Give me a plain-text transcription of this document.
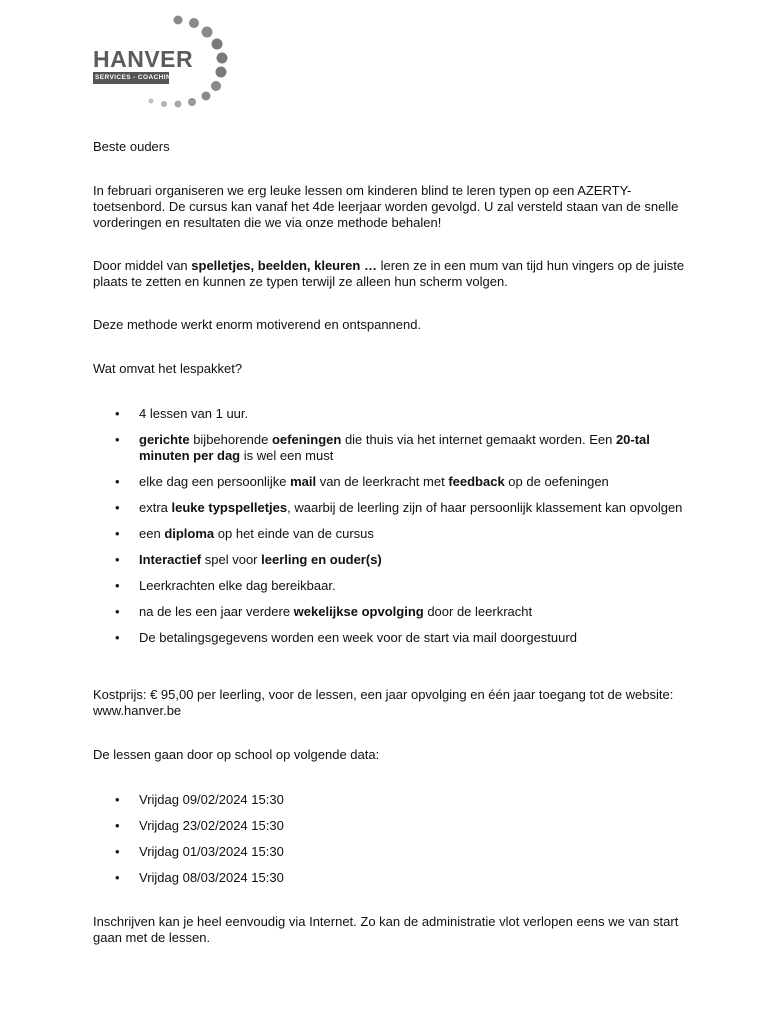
HANVER
SERVICES - COACHING

Beste ouders

In februari organiseren we erg leuke lessen om kinderen blind te leren typen op een AZERTY-toetsenbord. De cursus kan vanaf het 4de leerjaar worden gevolgd. U zal versteld staan van de snelle vorderingen en resultaten die we via onze methode behalen!

Door middel van spelletjes, beelden, kleuren … leren ze in een mum van tijd hun vingers op de juiste plaats te zetten en kunnen ze typen terwijl ze alleen hun scherm volgen.

Deze methode werkt enorm motiverend en ontspannend.

Wat omvat het lespakket?

• 4 lessen van 1 uur.
• gerichte bijbehorende oefeningen die thuis via het internet gemaakt worden. Een 20-tal minuten per dag is wel een must
• elke dag een persoonlijke mail van de leerkracht met feedback op de oefeningen
• extra leuke typspelletjes, waarbij de leerling zijn of haar persoonlijk klassement kan opvolgen
• een diploma op het einde van de cursus
• Interactief spel voor leerling en ouder(s)
• Leerkrachten elke dag bereikbaar.
• na de les een jaar verdere wekelijkse opvolging door de leerkracht
• De betalingsgegevens worden een week voor de start via mail doorgestuurd

Kostprijs: € 95,00 per leerling, voor de lessen, een jaar opvolging en één jaar toegang tot de website: www.hanver.be

De lessen gaan door op school op volgende data:

• Vrijdag 09/02/2024 15:30
• Vrijdag 23/02/2024 15:30
• Vrijdag 01/03/2024 15:30
• Vrijdag 08/03/2024 15:30

Inschrijven kan je heel eenvoudig via Internet. Zo kan de administratie vlot verlopen eens we van start gaan met de lessen.
